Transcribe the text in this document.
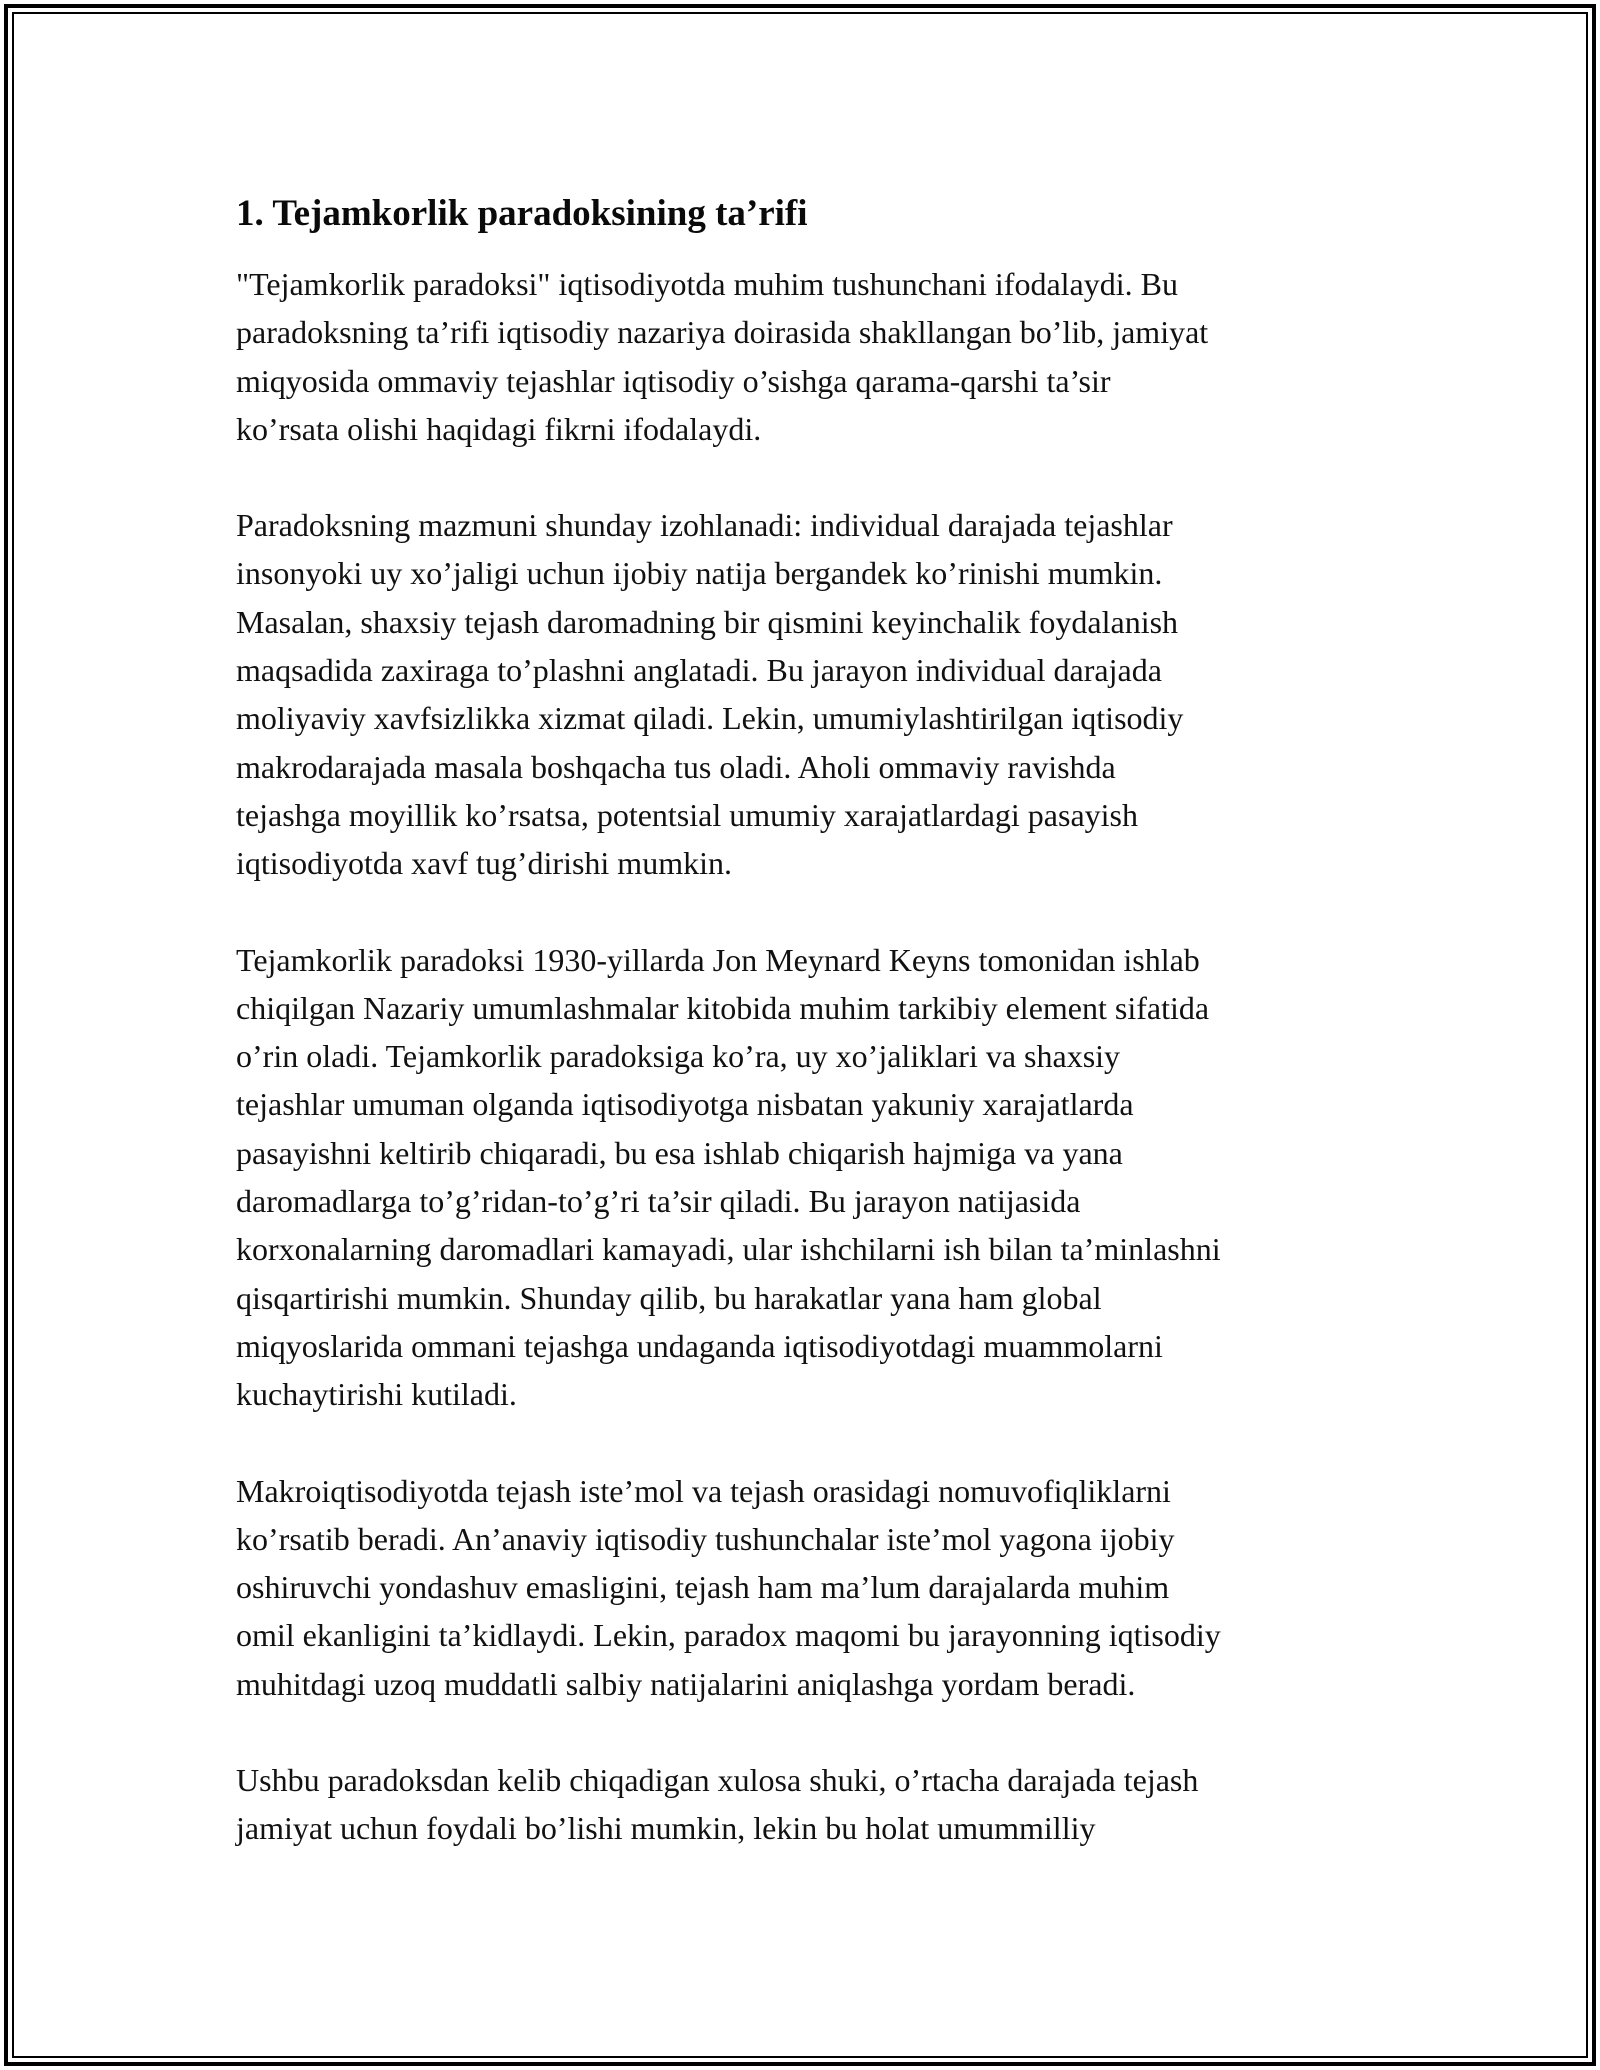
1. Tejamkorlik paradoksining ta’rifi

"Tejamkorlik paradoksi" iqtisodiyotda muhim tushunchani ifodalaydi. Bu
paradoksning ta’rifi iqtisodiy nazariya doirasida shakllangan bo’lib, jamiyat
miqyosida ommaviy tejashlar iqtisodiy o’sishga qarama-qarshi ta’sir
ko’rsata olishi haqidagi fikrni ifodalaydi.

Paradoksning mazmuni shunday izohlanadi: individual darajada tejashlar
insonyoki uy xo’jaligi uchun ijobiy natija bergandek ko’rinishi mumkin.
Masalan, shaxsiy tejash daromadning bir qismini keyinchalik foydalanish
maqsadida zaxiraga to’plashni anglatadi. Bu jarayon individual darajada
moliyaviy xavfsizlikka xizmat qiladi. Lekin, umumiylashtirilgan iqtisodiy
makrodarajada masala boshqacha tus oladi. Aholi ommaviy ravishda
tejashga moyillik ko’rsatsa, potentsial umumiy xarajatlardagi pasayish
iqtisodiyotda xavf tug’dirishi mumkin.

Tejamkorlik paradoksi 1930-yillarda Jon Meynard Keyns tomonidan ishlab
chiqilgan Nazariy umumlashmalar kitobida muhim tarkibiy element sifatida
o’rin oladi. Tejamkorlik paradoksiga ko’ra, uy xo’jaliklari va shaxsiy
tejashlar umuman olganda iqtisodiyotga nisbatan yakuniy xarajatlarda
pasayishni keltirib chiqaradi, bu esa ishlab chiqarish hajmiga va yana
daromadlarga to’g’ridan-to’g’ri ta’sir qiladi. Bu jarayon natijasida
korxonalarning daromadlari kamayadi, ular ishchilarni ish bilan ta’minlashni
qisqartirishi mumkin. Shunday qilib, bu harakatlar yana ham global
miqyoslarida ommani tejashga undaganda iqtisodiyotdagi muammolarni
kuchaytirishi kutiladi.

Makroiqtisodiyotda tejash iste’mol va tejash orasidagi nomuvofiqliklarni
ko’rsatib beradi. An’anaviy iqtisodiy tushunchalar iste’mol yagona ijobiy
oshiruvchi yondashuv emasligini, tejash ham ma’lum darajalarda muhim
omil ekanligini ta’kidlaydi. Lekin, paradox maqomi bu jarayonning iqtisodiy
muhitdagi uzoq muddatli salbiy natijalarini aniqlashga yordam beradi.

Ushbu paradoksdan kelib chiqadigan xulosa shuki, o’rtacha darajada tejash
jamiyat uchun foydali bo’lishi mumkin, lekin bu holat umummilliy
